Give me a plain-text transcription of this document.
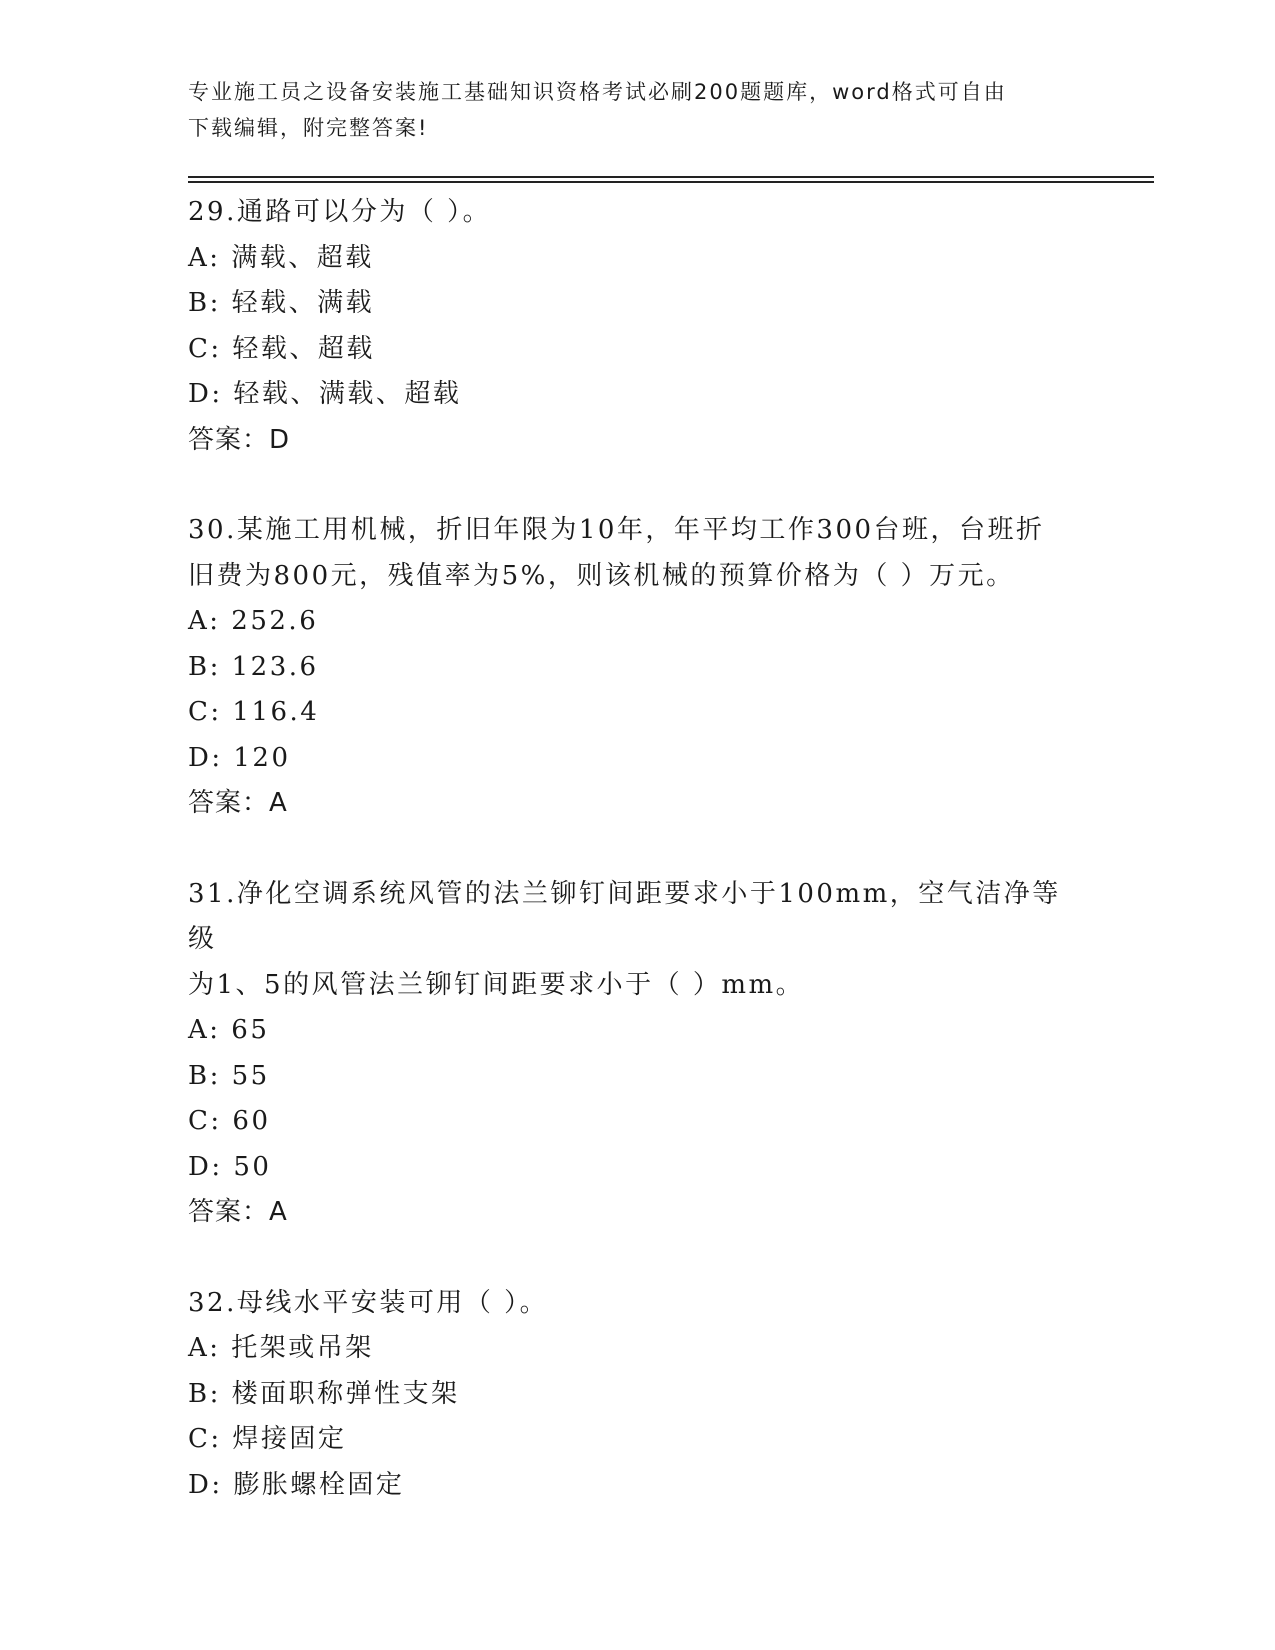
专业施工员之设备安装施工基础知识资格考试必刷200题题库，word格式可自由
下载编辑，附完整答案!
29.通路可以分为（ ）。
A: 满载、超载
B: 轻载、满载
C: 轻载、超载
D: 轻载、满载、超载
答案：D
30.某施工用机械，折旧年限为10年，年平均工作300台班，台班折
旧费为800元，残值率为5%，则该机械的预算价格为（ ）万元。
A: 252.6
B: 123.6
C: 116.4
D: 120
答案：A
31.净化空调系统风管的法兰铆钉间距要求小于100mm，空气洁净等级
为1、5的风管法兰铆钉间距要求小于（ ）mm。
A: 65
B: 55
C: 60
D: 50
答案：A
32.母线水平安装可用（ ）。
A: 托架或吊架
B: 楼面职称弹性支架
C: 焊接固定
D: 膨胀螺栓固定
